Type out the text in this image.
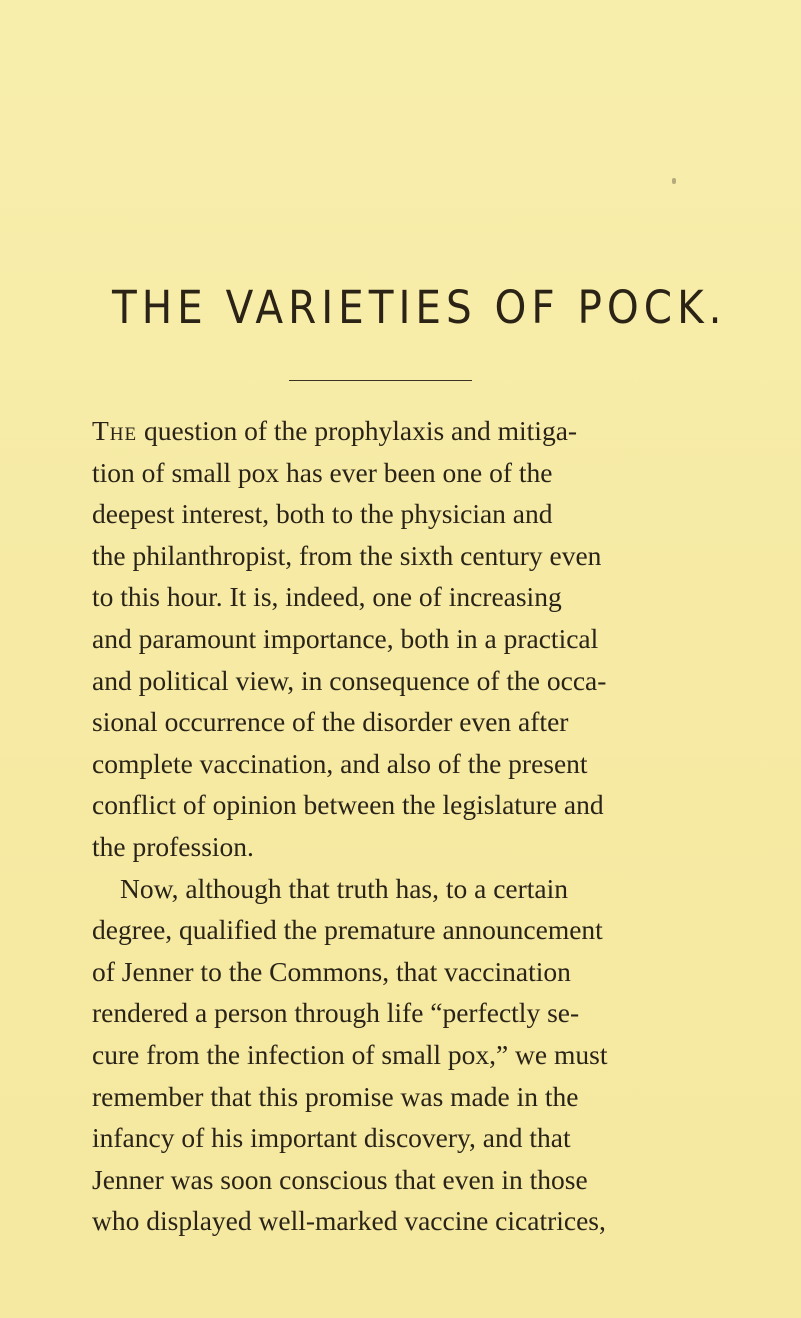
THE VARIETIES OF POCK.
The question of the prophylaxis and mitiga-
tion of small pox has ever been one of the
deepest interest, both to the physician and
the philanthropist, from the sixth century even
to this hour. It is, indeed, one of increasing
and paramount importance, both in a practical
and political view, in consequence of the occa-
sional occurrence of the disorder even after
complete vaccination, and also of the present
conflict of opinion between the legislature and
the profession.
Now, although that truth has, to a certain
degree, qualified the premature announcement
of Jenner to the Commons, that vaccination
rendered a person through life “perfectly se-
cure from the infection of small pox,” we must
remember that this promise was made in the
infancy of his important discovery, and that
Jenner was soon conscious that even in those
who displayed well-marked vaccine cicatrices,
